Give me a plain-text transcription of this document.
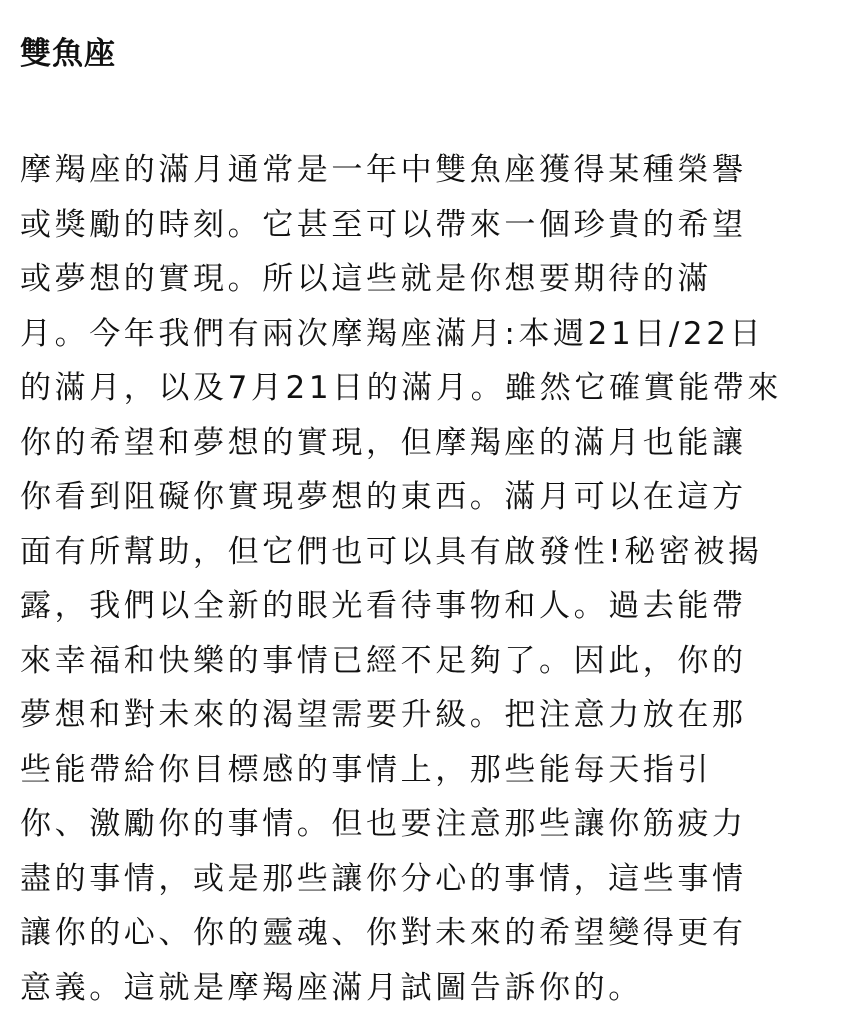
雙魚座
摩羯座的滿月通常是一年中雙魚座獲得某種榮譽
或獎勵的時刻。它甚至可以帶來一個珍貴的希望
或夢想的實現。所以這些就是你想要期待的滿
月。今年我們有兩次摩羯座滿月:本週21日/22日
的滿月，以及7月21日的滿月。雖然它確實能帶來
你的希望和夢想的實現，但摩羯座的滿月也能讓
你看到阻礙你實現夢想的東西。滿月可以在這方
面有所幫助，但它們也可以具有啟發性!秘密被揭
露，我們以全新的眼光看待事物和人。過去能帶
來幸福和快樂的事情已經不足夠了。因此，你的
夢想和對未來的渴望需要升級。把注意力放在那
些能帶給你目標感的事情上，那些能每天指引
你、激勵你的事情。但也要注意那些讓你筋疲力
盡的事情，或是那些讓你分心的事情，這些事情
讓你的心、你的靈魂、你對未來的希望變得更有
意義。這就是摩羯座滿月試圖告訴你的。
